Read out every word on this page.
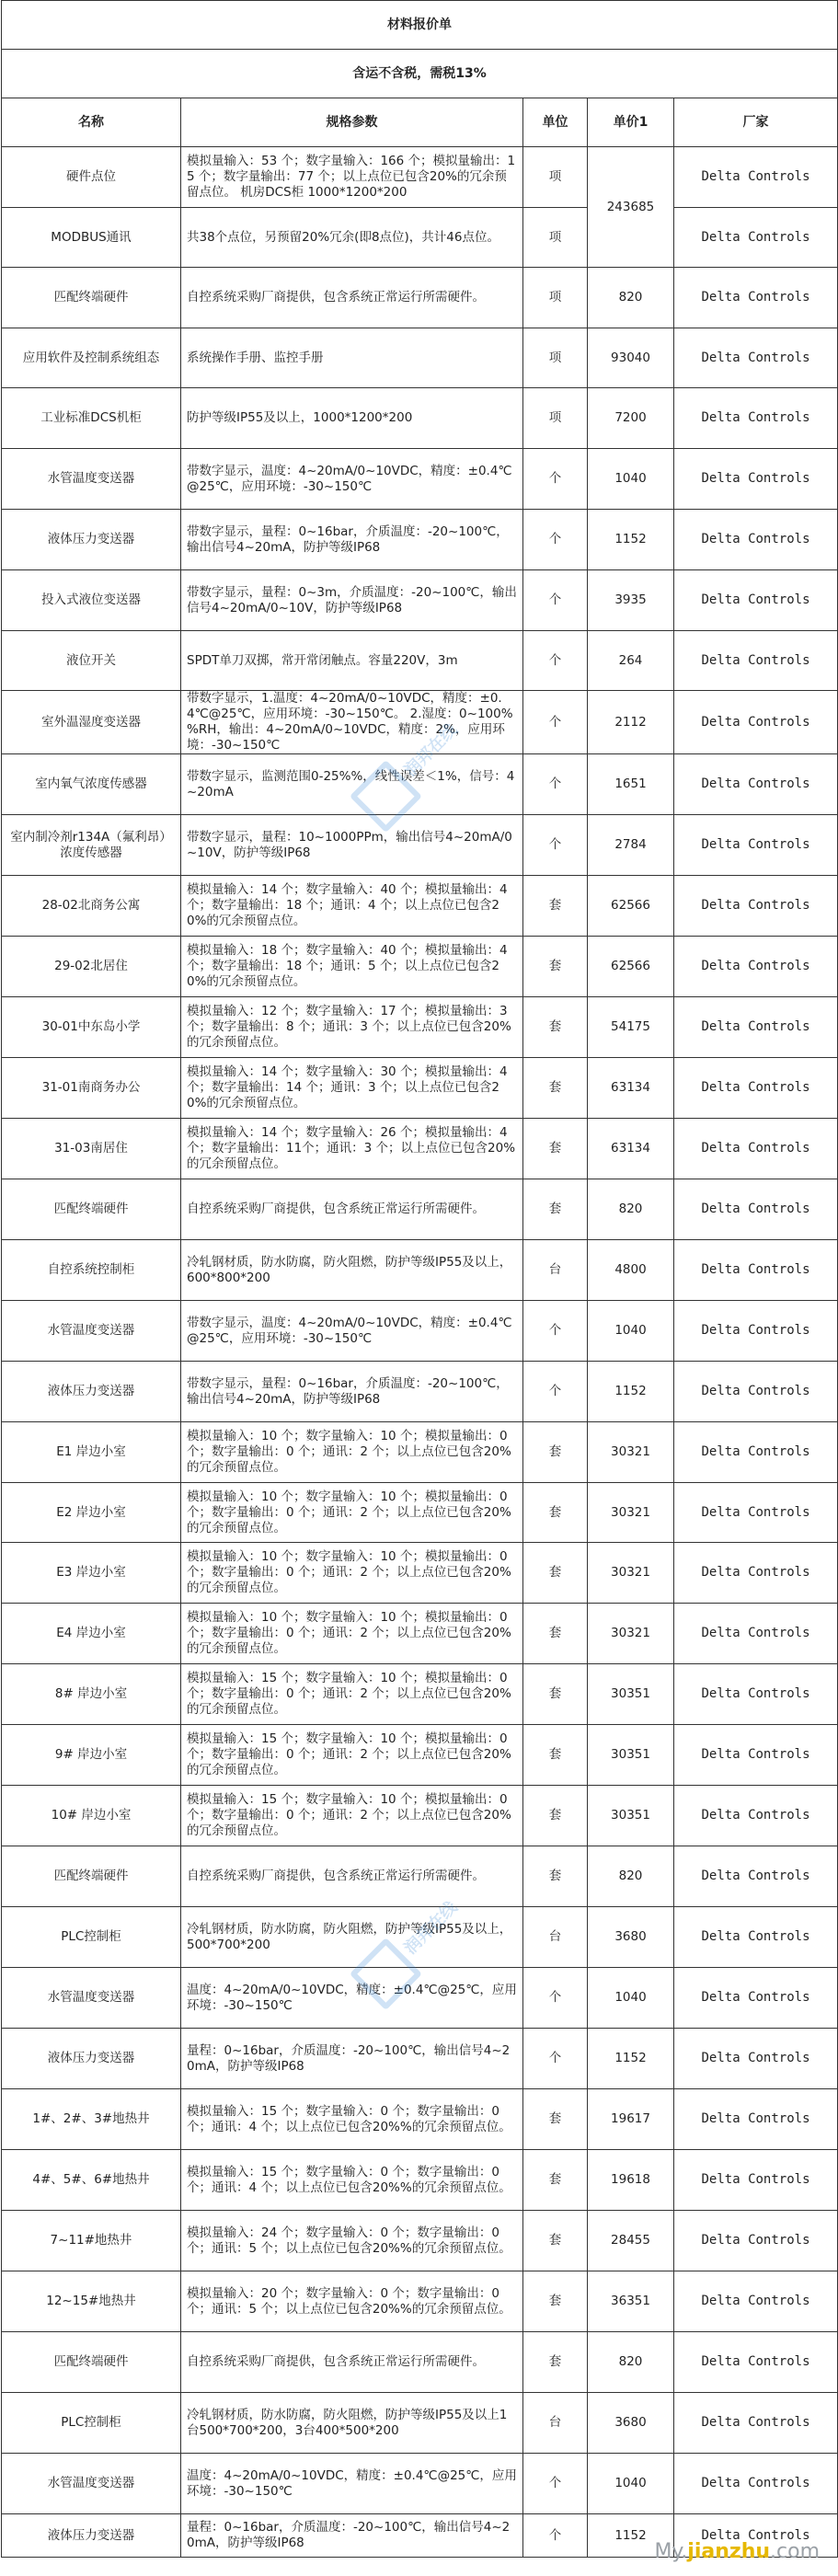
材料报价单				
含运不含税，需税13%				
名称	规格参数	单位	单价1	厂家
硬件点位	模拟量输入：53 个；数字量输入：166 个；模拟量输出：15 个；数字量输出：77 个；以上点位已包含20%的冗余预留点位。 机房DCS柜 1000*1200*200	项	243685	Delta Controls
MODBUS通讯	共38个点位，另预留20%冗余(即8点位)，共计46点位。	项		Delta Controls
匹配终端硬件	自控系统采购厂商提供，包含系统正常运行所需硬件。	项	820	Delta Controls
应用软件及控制系统组态	系统操作手册、监控手册	项	93040	Delta Controls
工业标准DCS机柜	防护等级IP55及以上，1000*1200*200	项	7200	Delta Controls
水管温度变送器	带数字显示，温度：4~20mA/0~10VDC，精度：±0.4℃@25℃，应用环境：-30~150℃	个	1040	Delta Controls
液体压力变送器	带数字显示，量程：0~16bar，介质温度：-20~100℃，输出信号4~20mA，防护等级IP68	个	1152	Delta Controls
投入式液位变送器	带数字显示，量程：0~3m，介质温度：-20~100℃，输出信号4~20mA/0~10V，防护等级IP68	个	3935	Delta Controls
液位开关	SPDT单刀双掷，常开常闭触点。容量220V，3m	个	264	Delta Controls
室外温湿度变送器	带数字显示，1.温度：4~20mA/0~10VDC，精度：±0.4℃@25℃，应用环境：-30~150℃。 2.湿度：0~100%%RH，输出：4~20mA/0~10VDC，精度：2%，应用环境：-30~150℃	个	2112	Delta Controls
室内氧气浓度传感器	带数字显示，监测范围0-25%%，线性误差＜1%，信号：4~20mA	个	1651	Delta Controls
室内制冷剂r134A（氟利昂）浓度传感器	带数字显示，量程：10~1000PPm，输出信号4~20mA/0~10V，防护等级IP68	个	2784	Delta Controls
28-02北商务公寓	模拟量输入：14 个；数字量输入：40 个；模拟量输出：4 个；数字量输出：18 个；通讯：4 个；以上点位已包含20%的冗余预留点位。	套	62566	Delta Controls
29-02北居住	模拟量输入：18 个；数字量输入：40 个；模拟量输出：4 个；数字量输出：18 个；通讯：5 个；以上点位已包含20%的冗余预留点位。	套	62566	Delta Controls
30-01中东岛小学	模拟量输入：12 个；数字量输入：17 个；模拟量输出：3 个；数字量输出：8 个；通讯：3 个；以上点位已包含20%的冗余预留点位。	套	54175	Delta Controls
31-01南商务办公	模拟量输入：14 个；数字量输入：30 个；模拟量输出：4 个；数字量输出：14 个；通讯：3 个；以上点位已包含20%的冗余预留点位。	套	63134	Delta Controls
31-03南居住	模拟量输入：14 个；数字量输入：26 个；模拟量输出：4 个；数字量输出：11个；通讯：3 个；以上点位已包含20%的冗余预留点位。	套	63134	Delta Controls
匹配终端硬件	自控系统采购厂商提供，包含系统正常运行所需硬件。	套	820	Delta Controls
自控系统控制柜	冷轧钢材质，防水防腐，防火阻燃，防护等级IP55及以上，600*800*200	台	4800	Delta Controls
水管温度变送器	带数字显示，温度：4~20mA/0~10VDC，精度：±0.4℃@25℃，应用环境：-30~150℃	个	1040	Delta Controls
液体压力变送器	带数字显示，量程：0~16bar，介质温度：-20~100℃，输出信号4~20mA，防护等级IP68	个	1152	Delta Controls
E1 岸边小室	模拟量输入：10 个；数字量输入：10 个；模拟量输出：0 个；数字量输出：0 个；通讯：2 个；以上点位已包含20%的冗余预留点位。	套	30321	Delta Controls
E2 岸边小室	模拟量输入：10 个；数字量输入：10 个；模拟量输出：0 个；数字量输出：0 个；通讯：2 个；以上点位已包含20%的冗余预留点位。	套	30321	Delta Controls
E3 岸边小室	模拟量输入：10 个；数字量输入：10 个；模拟量输出：0 个；数字量输出：0 个；通讯：2 个；以上点位已包含20%的冗余预留点位。	套	30321	Delta Controls
E4 岸边小室	模拟量输入：10 个；数字量输入：10 个；模拟量输出：0 个；数字量输出：0 个；通讯：2 个；以上点位已包含20%的冗余预留点位。	套	30321	Delta Controls
8# 岸边小室	模拟量输入：15 个；数字量输入：10 个；模拟量输出：0 个；数字量输出：0 个；通讯：2 个；以上点位已包含20%的冗余预留点位。	套	30351	Delta Controls
9# 岸边小室	模拟量输入：15 个；数字量输入：10 个；模拟量输出：0 个；数字量输出：0 个；通讯：2 个；以上点位已包含20%的冗余预留点位。	套	30351	Delta Controls
10# 岸边小室	模拟量输入：15 个；数字量输入：10 个；模拟量输出：0 个；数字量输出：0 个；通讯：2 个；以上点位已包含20%的冗余预留点位。	套	30351	Delta Controls
匹配终端硬件	自控系统采购厂商提供，包含系统正常运行所需硬件。	套	820	Delta Controls
PLC控制柜	冷轧钢材质，防水防腐，防火阻燃，防护等级IP55及以上，500*700*200	台	3680	Delta Controls
水管温度变送器	温度：4~20mA/0~10VDC，精度：±0.4℃@25℃，应用环境：-30~150℃	个	1040	Delta Controls
液体压力变送器	量程：0~16bar，介质温度：-20~100℃，输出信号4~20mA，防护等级IP68	个	1152	Delta Controls
1#、2#、3#地热井	模拟量输入：15 个；数字量输入：0 个；数字量输出：0 个；通讯：4 个；以上点位已包含20%%的冗余预留点位。	套	19617	Delta Controls
4#、5#、6#地热井	模拟量输入：15 个；数字量输入：0 个；数字量输出：0 个；通讯：4 个；以上点位已包含20%%的冗余预留点位。	套	19618	Delta Controls
7~11#地热井	模拟量输入：24 个；数字量输入：0 个；数字量输出：0 个；通讯：5 个；以上点位已包含20%%的冗余预留点位。	套	28455	Delta Controls
12~15#地热井	模拟量输入：20 个；数字量输入：0 个；数字量输出：0 个；通讯：5 个；以上点位已包含20%%的冗余预留点位。	套	36351	Delta Controls
匹配终端硬件	自控系统采购厂商提供，包含系统正常运行所需硬件。	套	820	Delta Controls
PLC控制柜	冷轧钢材质，防水防腐，防火阻燃，防护等级IP55及以上1台500*700*200，3台400*500*200	台	3680	Delta Controls
水管温度变送器	温度：4~20mA/0~10VDC，精度：±0.4℃@25℃，应用环境：-30~150℃	个	1040	Delta Controls
液体压力变送器	量程：0~16bar，介质温度：-20~100℃，输出信号4~20mA，防护等级IP68	个	1152	Delta Controls
润邦在线
润邦在线
My.jianzhu.com
